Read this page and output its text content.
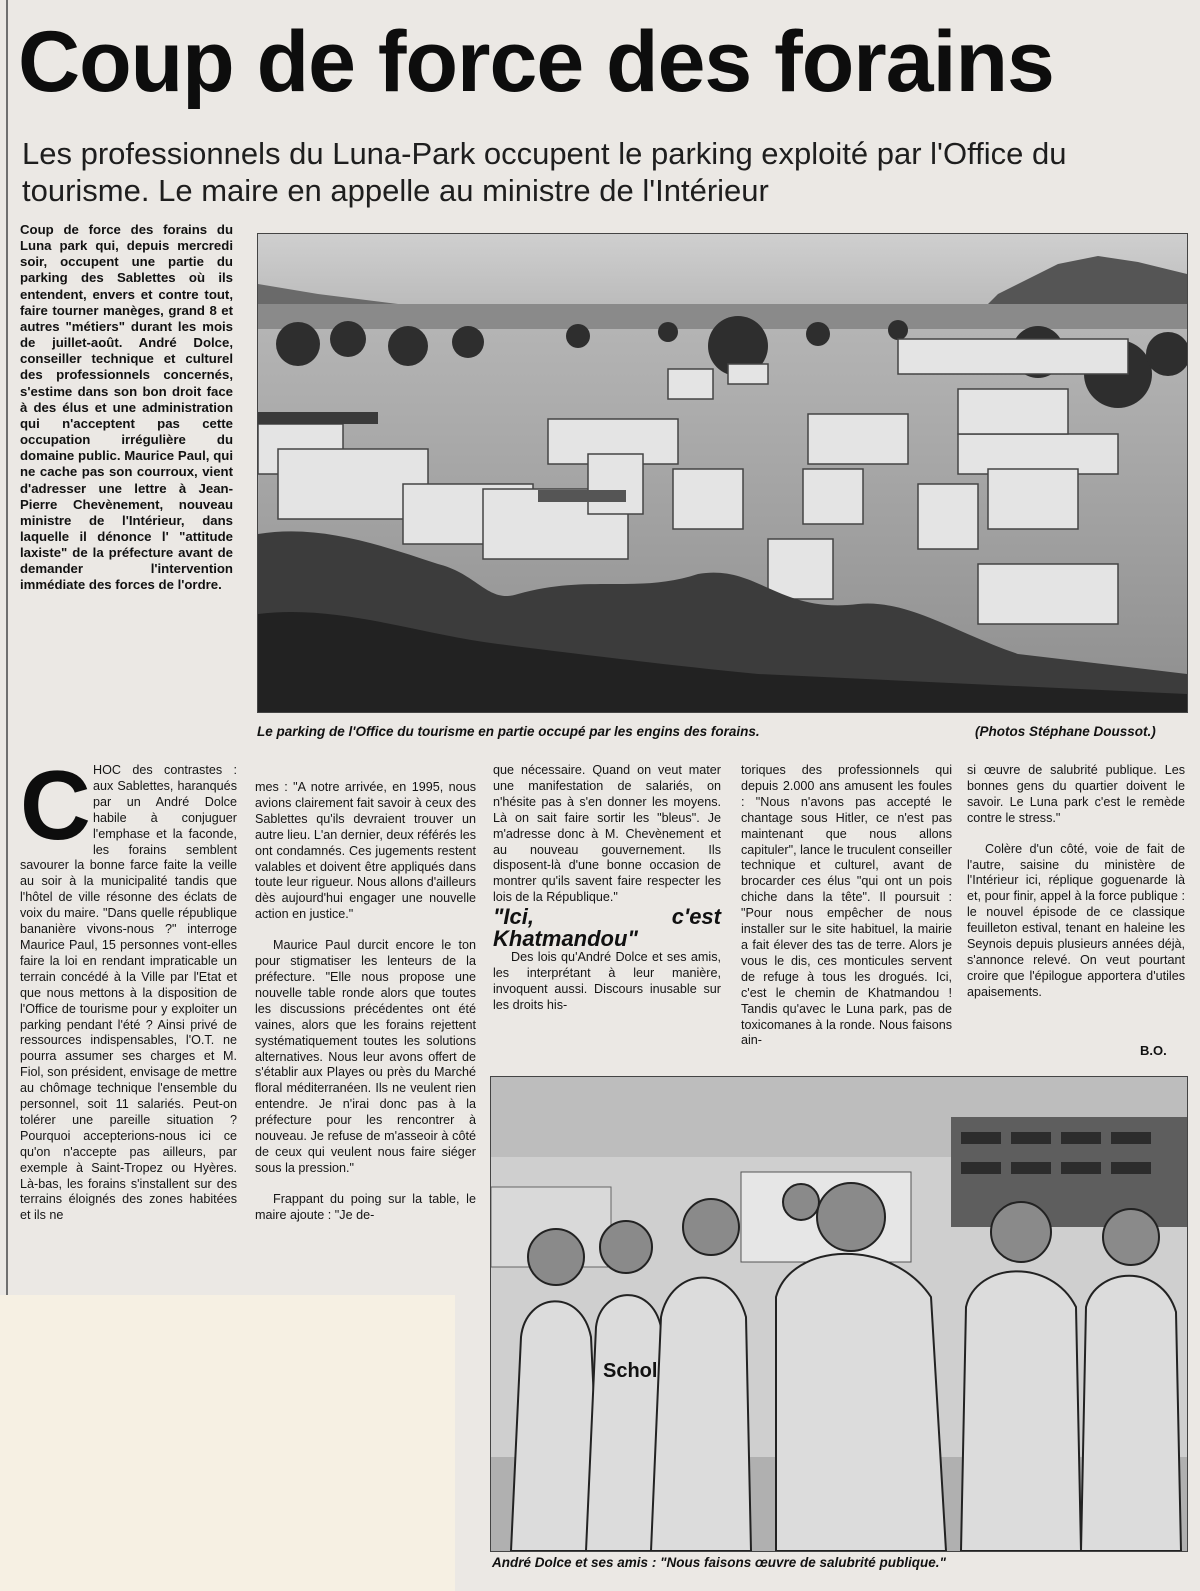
Coup de force des forains
Les professionnels du Luna-Park occupent le parking exploité par l'Office du tourisme. Le maire en appelle au ministre de l'Intérieur

Coup de force des forains du Luna park qui, depuis mercredi soir, occupent une partie du parking des Sablettes où ils entendent, envers et contre tout, faire tourner manèges, grand 8 et autres "métiers" durant les mois de juillet-août. André Dolce, conseiller technique et culturel des professionnels concernés, s'estime dans son bon droit face à des élus et une administration qui n'acceptent pas cette occupation irrégulière du domaine public. Maurice Paul, qui ne cache pas son courroux, vient d'adresser une lettre à Jean-Pierre Chevènement, nouveau ministre de l'Intérieur, dans laquelle il dénonce l' "attitude laxiste" de la préfecture avant de demander l'intervention immédiate des forces de l'ordre.

Le parking de l'Office du tourisme en partie occupé par les engins des forains.	(Photos Stéphane Doussot.)

C HOC des contrastes : aux Sablettes, haranqués par un André Dolce habile à conjuguer l'emphase et la faconde, les forains semblent savourer la bonne farce faite la veille au soir à la municipalité tandis que l'hôtel de ville résonne des éclats de voix du maire. "Dans quelle république bananière vivons-nous ?" interroge Maurice Paul, 15 personnes vont-elles faire la loi en rendant impraticable un terrain concédé à la Ville par l'Etat et que nous mettons à la disposition de l'Office de tourisme pour y exploiter un parking pendant l'été ? Ainsi privé de ressources indispensables, l'O.T. ne pourra assumer ses charges et M. Fiol, son président, envisage de mettre au chômage technique l'ensemble du personnel, soit 11 salariés. Peut-on tolérer une pareille situation ? Pourquoi accepterions-nous ici ce qu'on n'accepte pas ailleurs, par exemple à Saint-Tropez ou Hyères. Là-bas, les forains s'installent sur des terrains éloignés des zones habitées et ils ne

mes : "A notre arrivée, en 1995, nous avions clairement fait savoir à ceux des Sablettes qu'ils devraient trouver un autre lieu. L'an dernier, deux référés les ont condamnés. Ces jugements restent valables et doivent être appliqués dans toute leur rigueur. Nous allons d'ailleurs dès aujourd'hui engager une nouvelle action en justice."

Maurice Paul durcit encore le ton pour stigmatiser les lenteurs de la préfecture. "Elle nous propose une nouvelle table ronde alors que toutes les discussions précédentes ont été vaines, alors que les forains rejettent systématiquement toutes les solutions alternatives. Nous leur avons offert de s'établir aux Playes ou près du Marché floral méditerranéen. Ils ne veulent rien entendre. Je n'irai donc pas à la préfecture pour les rencontrer à nouveau. Je refuse de m'asseoir à côté de ceux qui veulent nous faire siéger sous la pression."

Frappant du poing sur la table, le maire ajoute : "Je de-

que nécessaire. Quand on veut mater une manifestation de salariés, on n'hésite pas à s'en donner les moyens. Là on sait faire sortir les "bleus". Je m'adresse donc à M. Chevènement et au nouveau gouvernement. Ils disposent-là d'une bonne occasion de montrer qu'ils savent faire respecter les lois de la République."

"Ici, c'est Khatmandou"

Des lois qu'André Dolce et ses amis, les interprétant à leur manière, invoquent aussi. Discours inusable sur les droits his-

toriques des professionnels qui depuis 2.000 ans amusent les foules : "Nous n'avons pas accepté le chantage sous Hitler, ce n'est pas maintenant que nous allons capituler", lance le truculent conseiller technique et culturel, avant de brocarder ces élus "qui ont un pois chiche dans la tête". Il poursuit : "Pour nous empêcher de nous installer sur le site habituel, la mairie a fait élever des tas de terre. Alors je vous le dis, ces monticules servent de refuge à tous les drogués. Ici, c'est le chemin de Khatmandou ! Tandis qu'avec le Luna park, pas de toxicomanes à la ronde. Nous faisons ain-

si œuvre de salubrité publique. Les bonnes gens du quartier doivent le savoir. Le Luna park c'est le remède contre le stress."

Colère d'un côté, voie de fait de l'autre, saisine du ministère de l'Intérieur ici, réplique goguenarde là et, pour finir, appel à la force publique : le nouvel épisode de ce classique feuilleton estival, tenant en haleine les Seynois depuis plusieurs années déjà, s'annonce relevé. On veut pourtant croire que l'épilogue apportera d'utiles apaisements.

B.O.

Schol

André Dolce et ses amis : "Nous faisons œuvre de salubrité publique."
